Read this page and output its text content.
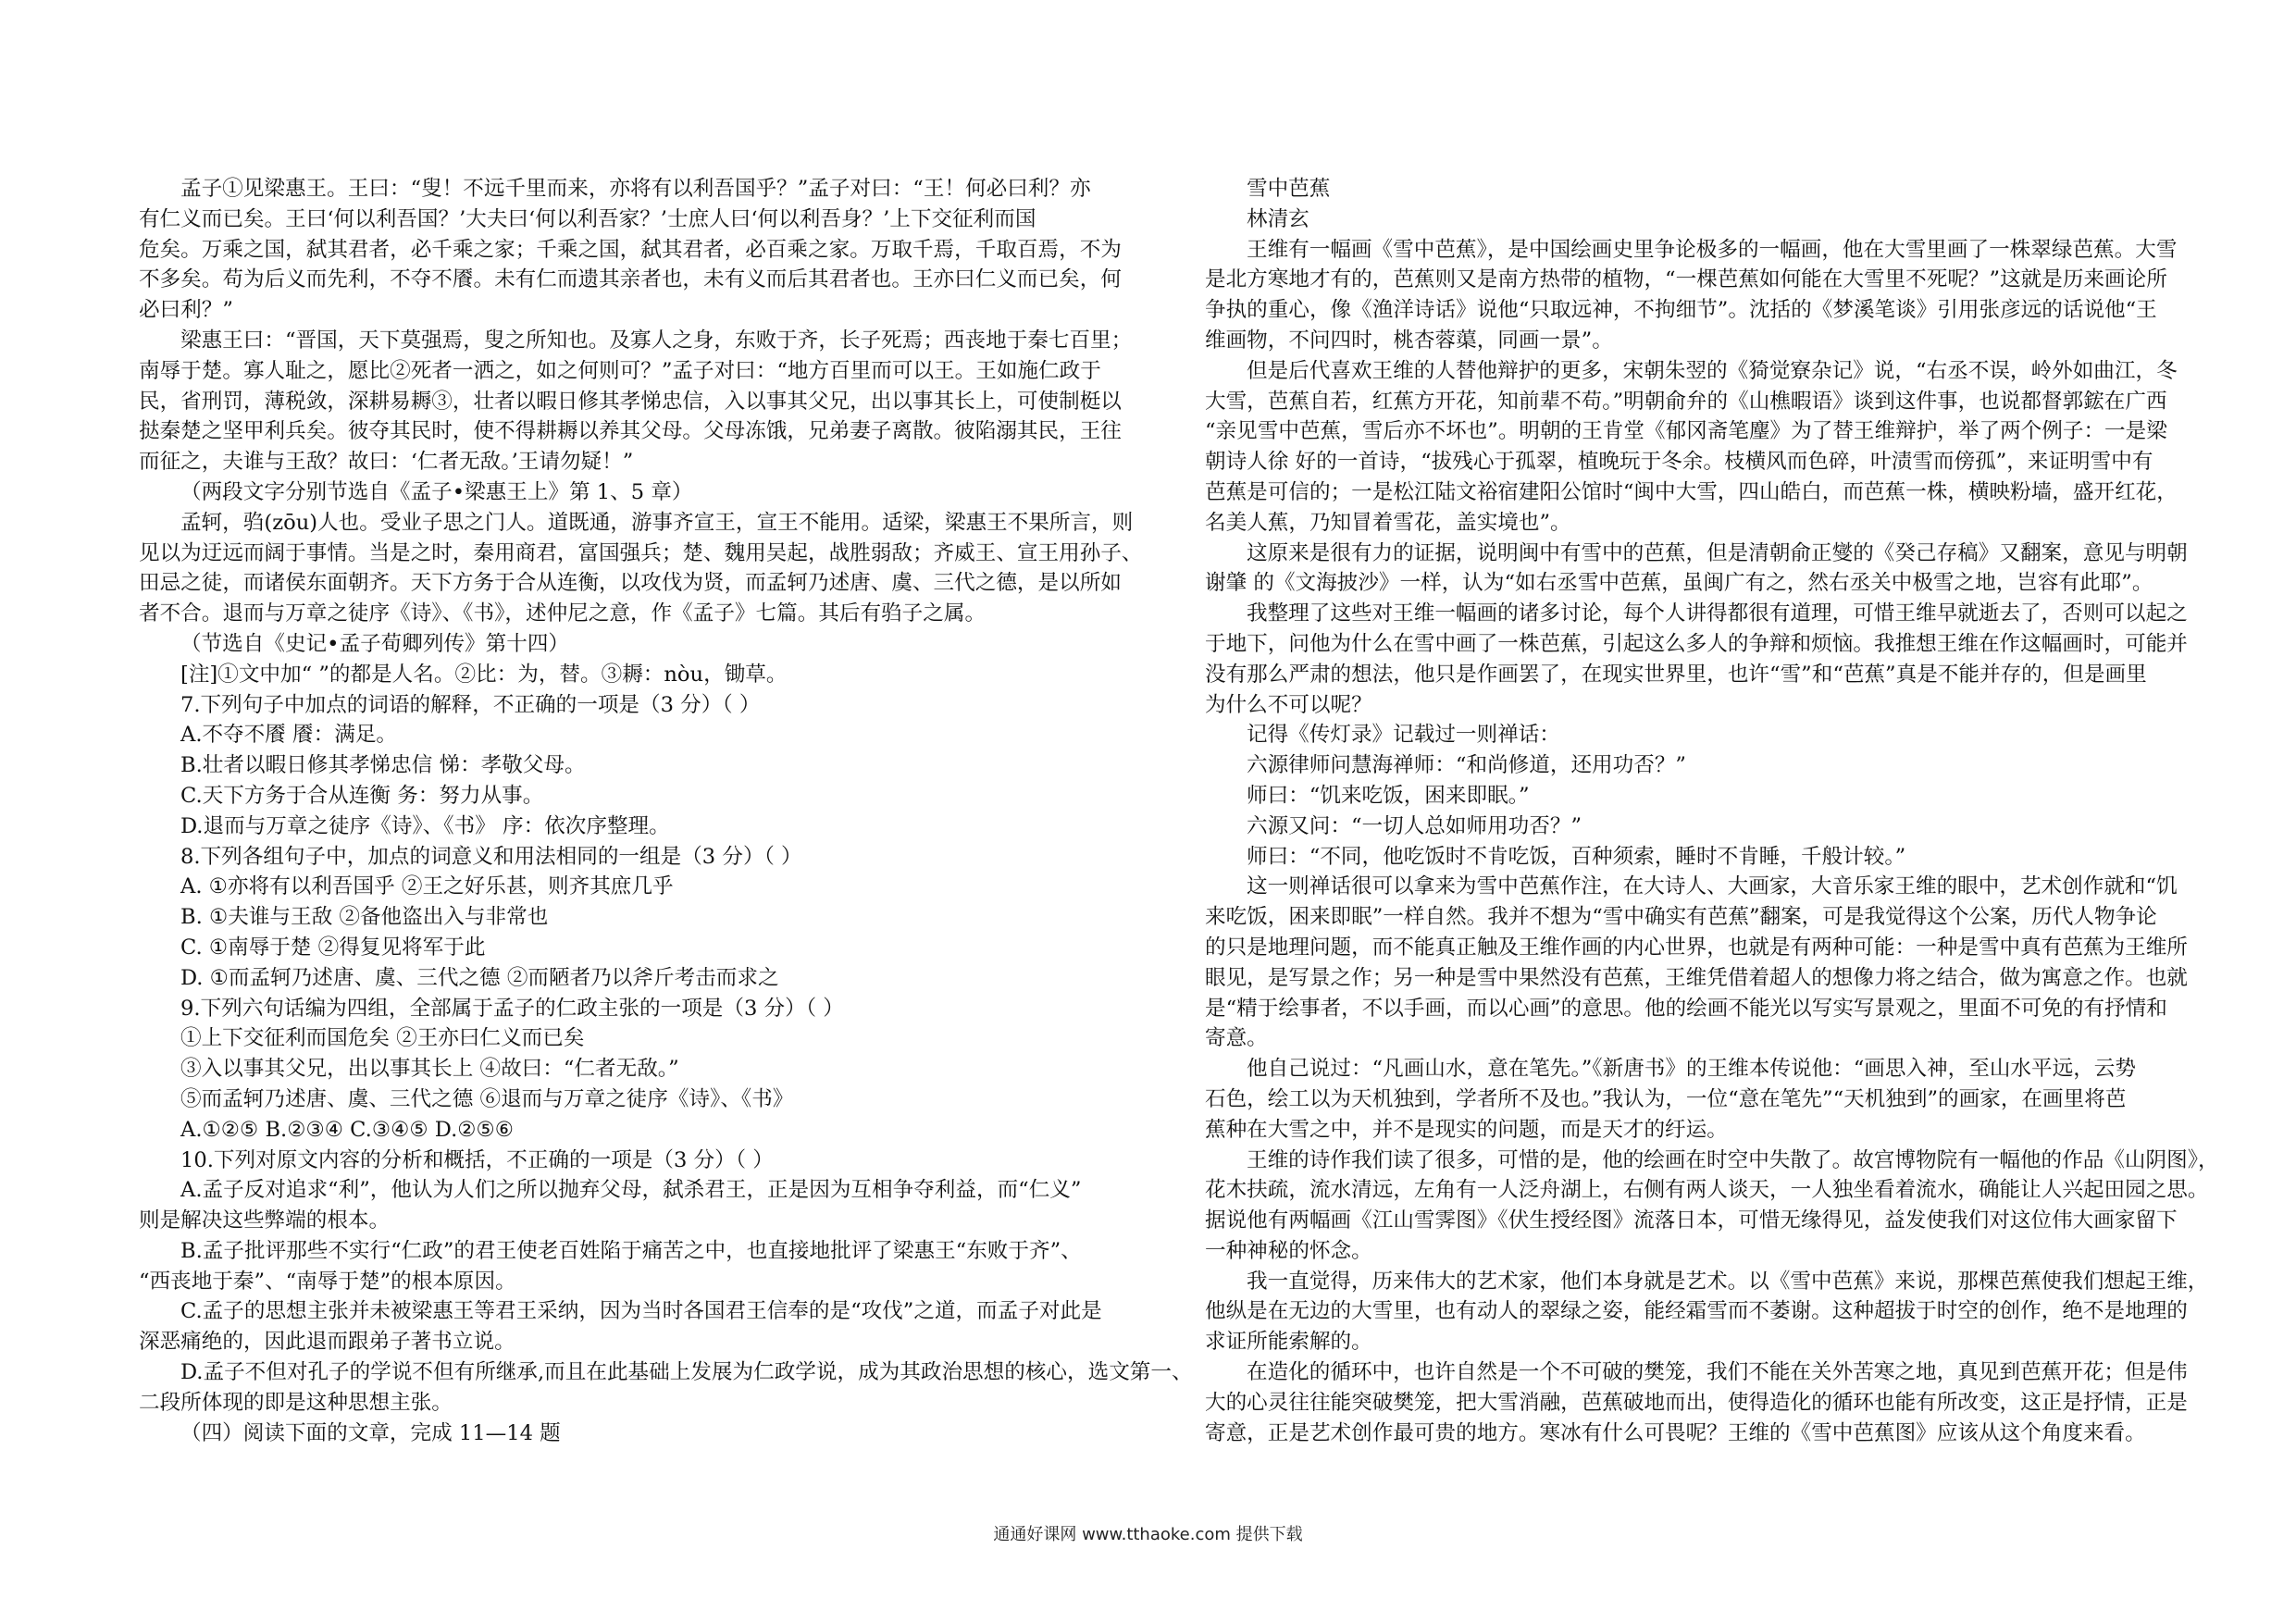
孟子①见梁惠王。王曰：“叟！不远千里而来，亦将有以利吾国乎？”孟子对曰：“王！何必曰利？亦
有仁义而已矣。王曰‘何以利吾国？’大夫曰‘何以利吾家？’士庶人曰‘何以利吾身？’上下交征利而国
危矣。万乘之国，弑其君者，必千乘之家；千乘之国，弑其君者，必百乘之家。万取千焉，千取百焉，不为
不多矣。苟为后义而先利，不夺不餍。未有仁而遗其亲者也，未有义而后其君者也。王亦曰仁义而已矣，何
必曰利？”
梁惠王曰：“晋国，天下莫强焉，叟之所知也。及寡人之身，东败于齐，长子死焉；西丧地于秦七百里；
南辱于楚。寡人耻之，愿比②死者一洒之，如之何则可？”孟子对曰：“地方百里而可以王。王如施仁政于
民，省刑罚，薄税敛，深耕易耨③，壮者以暇日修其孝悌忠信，入以事其父兄，出以事其长上，可使制梃以
挞秦楚之坚甲利兵矣。彼夺其民时，使不得耕耨以养其父母。父母冻饿，兄弟妻子离散。彼陷溺其民，王往
而征之，夫谁与王敌？故曰：‘仁者无敌。’王请勿疑！”
（两段文字分别节选自《孟子•梁惠王上》第 1、5 章）
孟轲，驺(zōu)人也。受业子思之门人。道既通，游事齐宣王，宣王不能用。适梁，梁惠王不果所言，则
见以为迂远而阔于事情。当是之时，秦用商君，富国强兵；楚、魏用吴起，战胜弱敌；齐威王、宣王用孙子、
田忌之徒，而诸侯东面朝齐。天下方务于合从连衡，以攻伐为贤，而孟轲乃述唐、虞、三代之德，是以所如
者不合。退而与万章之徒序《诗》、《书》，述仲尼之意，作《孟子》七篇。其后有驺子之属。
（节选自《史记•孟子荀卿列传》第十四）
[注]①文中加“ ”的都是人名。②比：为，替。③耨：nòu，锄草。
7.下列句子中加点的词语的解释，不正确的一项是（3 分）（ ）
A.不夺不餍 餍：满足。
B.壮者以暇日修其孝悌忠信 悌：孝敬父母。
C.天下方务于合从连衡 务：努力从事。
D.退而与万章之徒序《诗》、《书》 序：依次序整理。
8.下列各组句子中，加点的词意义和用法相同的一组是（3 分）（ ）
A. ①亦将有以利吾国乎 ②王之好乐甚，则齐其庶几乎
B. ①夫谁与王敌 ②备他盗出入与非常也
C. ①南辱于楚 ②得复见将军于此
D. ①而孟轲乃述唐、虞、三代之德 ②而陋者乃以斧斤考击而求之
9.下列六句话编为四组，全部属于孟子的仁政主张的一项是（3 分）（ ）
①上下交征利而国危矣 ②王亦曰仁义而已矣
③入以事其父兄，出以事其长上 ④故曰：“仁者无敌。”
⑤而孟轲乃述唐、虞、三代之德 ⑥退而与万章之徒序《诗》、《书》
A.①②⑤ B.②③④ C.③④⑤ D.②⑤⑥
10.下列对原文内容的分析和概括，不正确的一项是（3 分）（ ）
A.孟子反对追求“利”，他认为人们之所以抛弃父母，弑杀君王，正是因为互相争夺利益，而“仁义”
则是解决这些弊端的根本。
B.孟子批评那些不实行“仁政”的君王使老百姓陷于痛苦之中，也直接地批评了梁惠王“东败于齐”、
“西丧地于秦”、“南辱于楚”的根本原因。
C.孟子的思想主张并未被梁惠王等君王采纳，因为当时各国君王信奉的是“攻伐”之道，而孟子对此是
深恶痛绝的，因此退而跟弟子著书立说。
D.孟子不但对孔子的学说不但有所继承,而且在此基础上发展为仁政学说，成为其政治思想的核心，选文第一、
二段所体现的即是这种思想主张。
（四）阅读下面的文章，完成 11—14 题
雪中芭蕉
林清玄
王维有一幅画《雪中芭蕉》，是中国绘画史里争论极多的一幅画，他在大雪里画了一株翠绿芭蕉。大雪
是北方寒地才有的，芭蕉则又是南方热带的植物，“一棵芭蕉如何能在大雪里不死呢？”这就是历来画论所
争执的重心，像《渔洋诗话》说他“只取远神，不拘细节”。沈括的《梦溪笔谈》引用张彦远的话说他“王
维画物，不问四时，桃杏蓉蕖，同画一景”。
但是后代喜欢王维的人替他辩护的更多，宋朝朱翌的《猗觉寮杂记》说，“右丞不误，岭外如曲江，冬
大雪，芭蕉自若，红蕉方开花，知前辈不苟。”明朝俞弁的《山樵暇语》谈到这件事，也说都督郭鋐在广西
“亲见雪中芭蕉，雪后亦不坏也”。明朝的王肯堂《郁冈斋笔麈》为了替王维辩护，举了两个例子：一是梁
朝诗人徐 好的一首诗，“拔残心于孤翠，植晚玩于冬余。枝横风而色碎，叶渍雪而傍孤”，来证明雪中有
芭蕉是可信的；一是松江陆文裕宿建阳公馆时“闽中大雪，四山皓白，而芭蕉一株，横映粉墙，盛开红花，
名美人蕉，乃知冒着雪花，盖实境也”。
这原来是很有力的证据，说明闽中有雪中的芭蕉，但是清朝俞正燮的《癸己存稿》又翻案，意见与明朝
谢肇 的《文海披沙》一样，认为“如右丞雪中芭蕉，虽闽广有之，然右丞关中极雪之地，岂容有此耶”。
我整理了这些对王维一幅画的诸多讨论，每个人讲得都很有道理，可惜王维早就逝去了，否则可以起之
于地下，问他为什么在雪中画了一株芭蕉，引起这么多人的争辩和烦恼。我推想王维在作这幅画时，可能并
没有那么严肃的想法，他只是作画罢了，在现实世界里，也许“雪”和“芭蕉”真是不能并存的，但是画里
为什么不可以呢？
记得《传灯录》记载过一则禅话：
六源律师问慧海禅师：“和尚修道，还用功否？”
师曰：“饥来吃饭，困来即眠。”
六源又问：“一切人总如师用功否？”
师曰：“不同，他吃饭时不肯吃饭，百种须索，睡时不肯睡，千般计较。”
这一则禅话很可以拿来为雪中芭蕉作注，在大诗人、大画家，大音乐家王维的眼中，艺术创作就和“饥
来吃饭，困来即眠”一样自然。我并不想为“雪中确实有芭蕉”翻案，可是我觉得这个公案，历代人物争论
的只是地理问题，而不能真正触及王维作画的内心世界，也就是有两种可能：一种是雪中真有芭蕉为王维所
眼见，是写景之作；另一种是雪中果然没有芭蕉，王维凭借着超人的想像力将之结合，做为寓意之作。也就
是“精于绘事者，不以手画，而以心画”的意思。他的绘画不能光以写实写景观之，里面不可免的有抒情和
寄意。
他自己说过：“凡画山水，意在笔先。”《新唐书》的王维本传说他：“画思入神，至山水平远，云势
石色，绘工以为天机独到，学者所不及也。”我认为，一位“意在笔先”“天机独到”的画家，在画里将芭
蕉种在大雪之中，并不是现实的问题，而是天才的纡运。
王维的诗作我们读了很多，可惜的是，他的绘画在时空中失散了。故宫博物院有一幅他的作品《山阴图》，
花木扶疏，流水清远，左角有一人泛舟湖上，右侧有两人谈天，一人独坐看着流水，确能让人兴起田园之思。
据说他有两幅画《江山雪霁图》《伏生授经图》流落日本，可惜无缘得见，益发使我们对这位伟大画家留下
一种神秘的怀念。
我一直觉得，历来伟大的艺术家，他们本身就是艺术。以《雪中芭蕉》来说，那棵芭蕉使我们想起王维，
他纵是在无边的大雪里，也有动人的翠绿之姿，能经霜雪而不萎谢。这种超拔于时空的创作，绝不是地理的
求证所能索解的。
在造化的循环中，也许自然是一个不可破的樊笼，我们不能在关外苦寒之地，真见到芭蕉开花；但是伟
大的心灵往往能突破樊笼，把大雪消融，芭蕉破地而出，使得造化的循环也能有所改变，这正是抒情，正是
寄意，正是艺术创作最可贵的地方。寒冰有什么可畏呢？王维的《雪中芭蕉图》应该从这个角度来看。
通通好课网 www.tthaoke.com 提供下载
